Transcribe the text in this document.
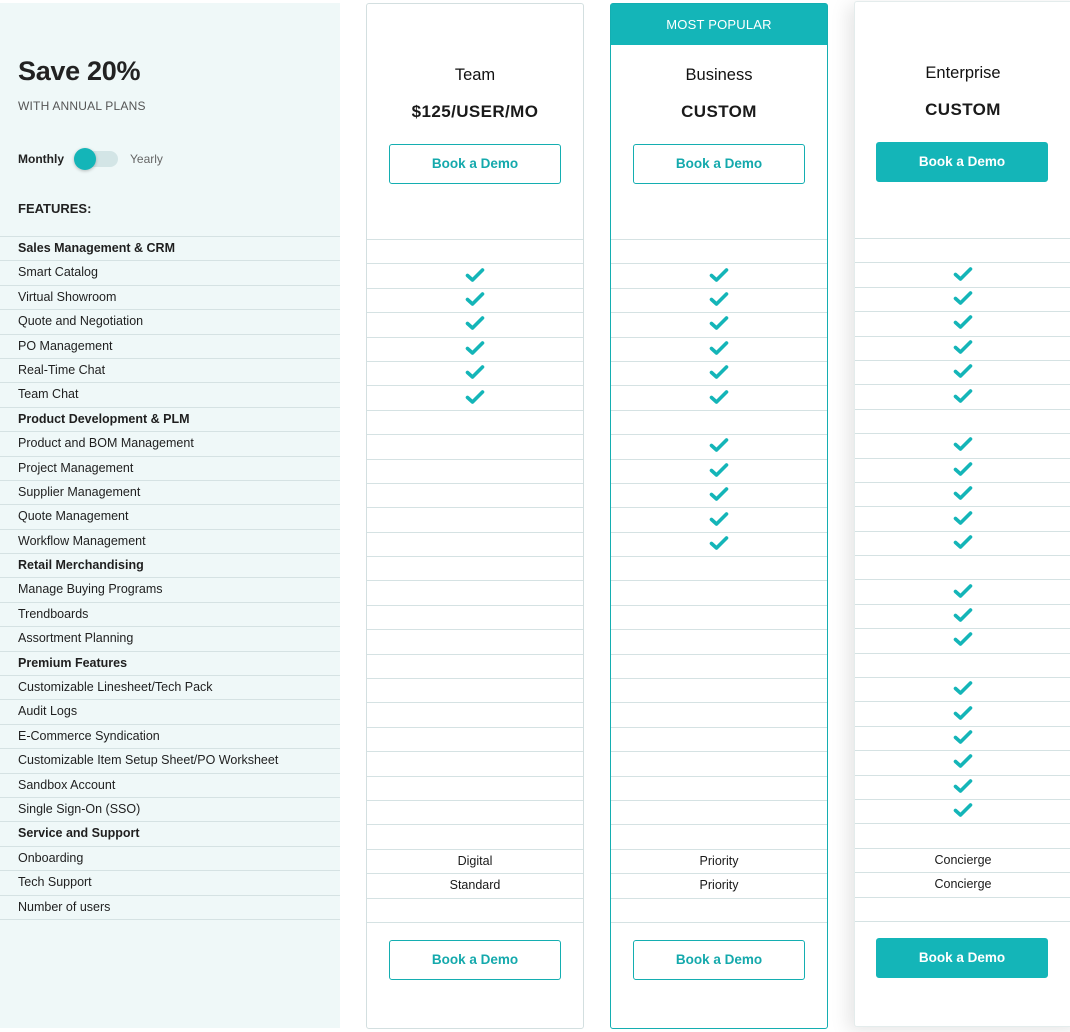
Save 20%
WITH ANNUAL PLANS
Monthly	Yearly
FEATURES:
Sales Management & CRM
Smart Catalog
Virtual Showroom
Quote and Negotiation
PO Management
Real-Time Chat
Team Chat
Product Development & PLM
Product and BOM Management
Project Management
Supplier Management
Quote Management
Workflow Management
Retail Merchandising
Manage Buying Programs
Trendboards
Assortment Planning
Premium Features
Customizable Linesheet/Tech Pack
Audit Logs
E-Commerce Syndication
Customizable Item Setup Sheet/PO Worksheet
Sandbox Account
Single Sign-On (SSO)
Service and Support
Onboarding
Tech Support
Number of users
Team
$125/USER/MO
Book a Demo
Digital
Standard
Book a Demo
MOST POPULAR
Business
CUSTOM
Book a Demo
Priority
Priority
Book a Demo
Enterprise
CUSTOM
Book a Demo
Concierge
Concierge
Book a Demo
